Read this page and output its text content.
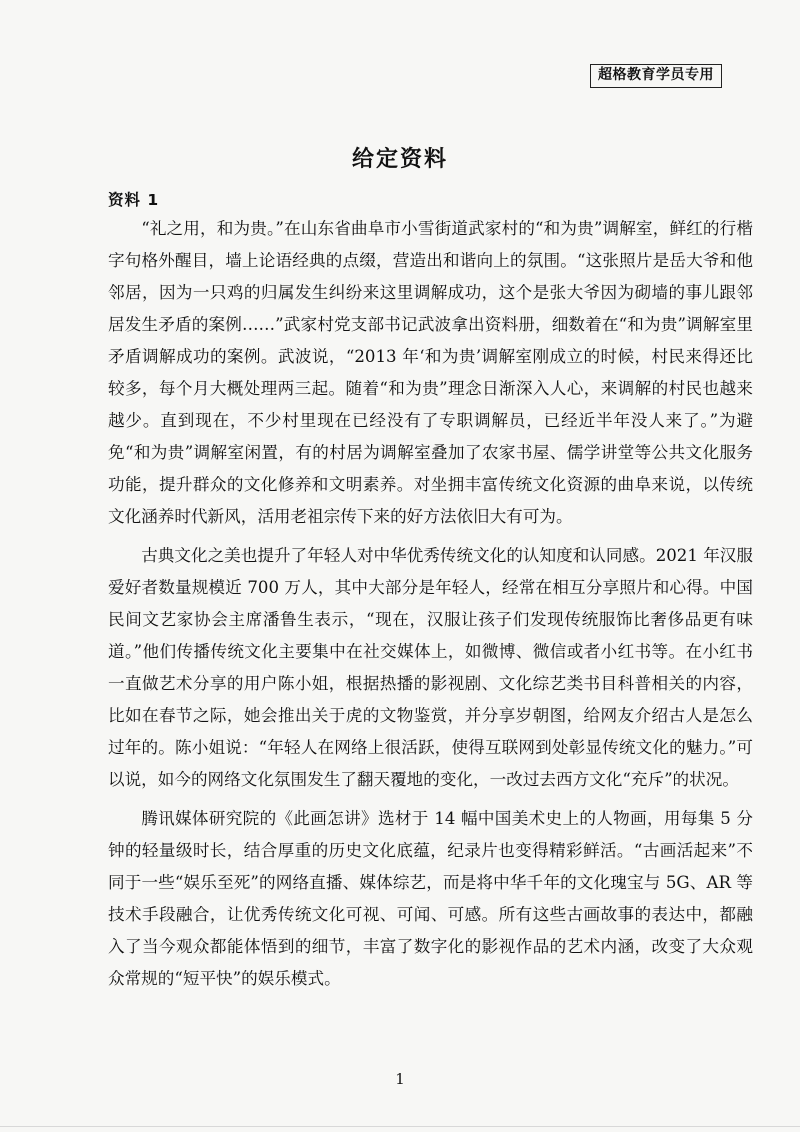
超格教育学员专用
给定资料
资料 1

“礼之用，和为贵。”在山东省曲阜市小雪街道武家村的“和为贵”调解室，鲜红的行楷字句格外醒目，墙上论语经典的点缀，营造出和谐向上的氛围。“这张照片是岳大爷和他邻居，因为一只鸡的归属发生纠纷来这里调解成功，这个是张大爷因为砌墙的事儿跟邻居发生矛盾的案例……”武家村党支部书记武波拿出资料册，细数着在“和为贵”调解室里矛盾调解成功的案例。武波说，“2013 年‘和为贵’调解室刚成立的时候，村民来得还比较多，每个月大概处理两三起。随着“和为贵”理念日渐深入人心，来调解的村民也越来越少。直到现在，不少村里现在已经没有了专职调解员，已经近半年没人来了。”为避免“和为贵”调解室闲置，有的村居为调解室叠加了农家书屋、儒学讲堂等公共文化服务功能，提升群众的文化修养和文明素养。对坐拥丰富传统文化资源的曲阜来说，以传统文化涵养时代新风，活用老祖宗传下来的好方法依旧大有可为。

古典文化之美也提升了年轻人对中华优秀传统文化的认知度和认同感。2021 年汉服爱好者数量规模近 700 万人，其中大部分是年轻人，经常在相互分享照片和心得。中国民间文艺家协会主席潘鲁生表示，“现在，汉服让孩子们发现传统服饰比奢侈品更有味道。”他们传播传统文化主要集中在社交媒体上，如微博、微信或者小红书等。在小红书一直做艺术分享的用户陈小姐，根据热播的影视剧、文化综艺类书目科普相关的内容，比如在春节之际，她会推出关于虎的文物鉴赏，并分享岁朝图，给网友介绍古人是怎么过年的。陈小姐说：“年轻人在网络上很活跃，使得互联网到处彰显传统文化的魅力。”可以说，如今的网络文化氛围发生了翻天覆地的变化，一改过去西方文化“充斥”的状况。

腾讯媒体研究院的《此画怎讲》选材于 14 幅中国美术史上的人物画，用每集 5 分钟的轻量级时长，结合厚重的历史文化底蕴，纪录片也变得精彩鲜活。“古画活起来”不同于一些“娱乐至死”的网络直播、媒体综艺，而是将中华千年的文化瑰宝与 5G、AR 等技术手段融合，让优秀传统文化可视、可闻、可感。所有这些古画故事的表达中，都融入了当今观众都能体悟到的细节，丰富了数字化的影视作品的艺术内涵，改变了大众观众常规的“短平快”的娱乐模式。

1
